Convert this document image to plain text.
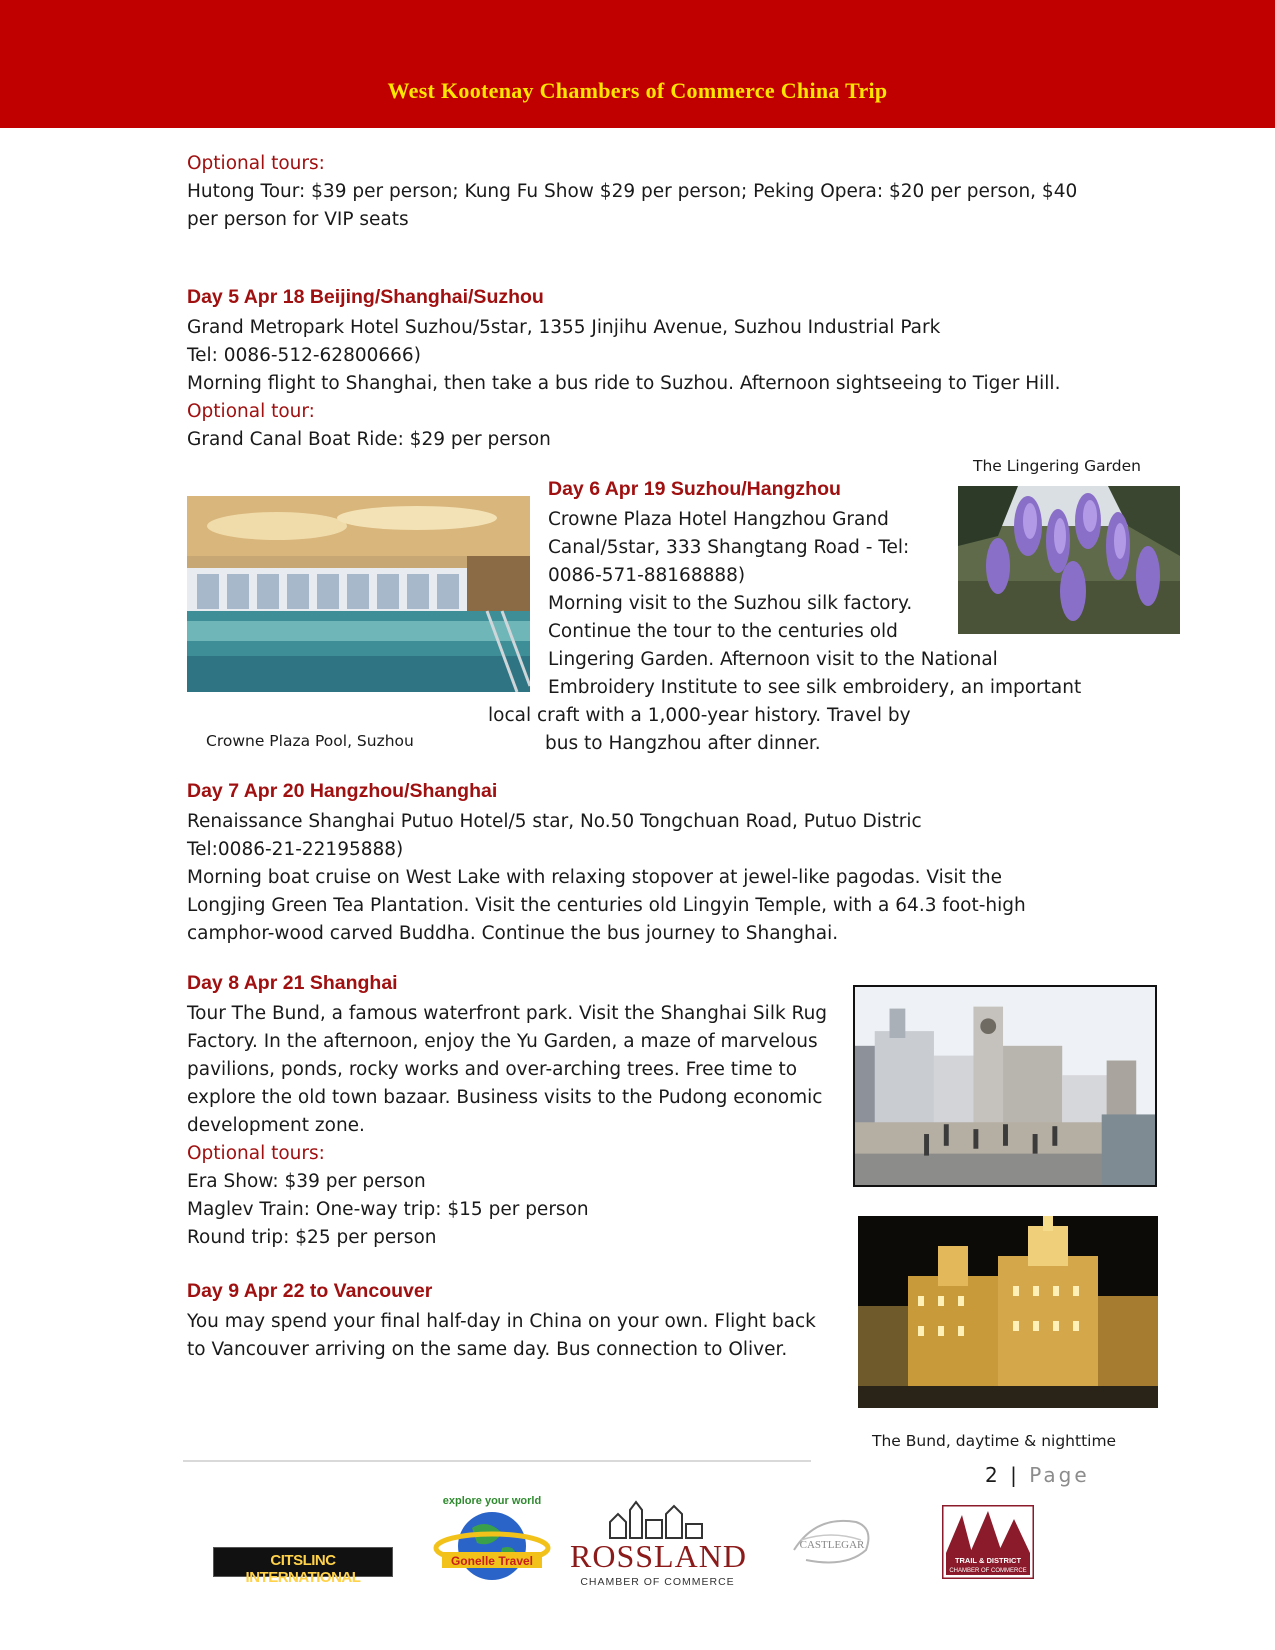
West Kootenay Chambers of Commerce China Trip
Optional tours:
Hutong Tour: $39 per person; Kung Fu Show $29 per person; Peking Opera: $20 per person, $40
per person for VIP seats
Day 5 Apr 18 Beijing/Shanghai/Suzhou
Grand Metropark Hotel Suzhou/5star, 1355 Jinjihu Avenue, Suzhou Industrial Park
Tel: 0086-512-62800666)
Morning flight to Shanghai, then take a bus ride to Suzhou. Afternoon sightseeing to Tiger Hill.
Optional tour:
Grand Canal Boat Ride: $29 per person
The Lingering Garden
Day 6 Apr 19 Suzhou/Hangzhou
Crowne Plaza Hotel Hangzhou Grand
Canal/5star, 333 Shangtang Road - Tel:
0086-571-88168888)
Morning visit to the Suzhou silk factory.
Continue the tour to the centuries old
Lingering Garden. Afternoon visit to the National
Embroidery Institute to see silk embroidery, an important
local craft with a 1,000-year history. Travel by
Crowne Plaza Pool, Suzhou	bus to Hangzhou after dinner.
Day 7 Apr 20 Hangzhou/Shanghai
Renaissance Shanghai Putuo Hotel/5 star, No.50 Tongchuan Road, Putuo Distric
Tel:0086-21-22195888)
Morning boat cruise on West Lake with relaxing stopover at jewel-like pagodas. Visit the
Longjing Green Tea Plantation. Visit the centuries old Lingyin Temple, with a 64.3 foot-high
camphor-wood carved Buddha. Continue the bus journey to Shanghai.
Day 8 Apr 21 Shanghai
Tour The Bund, a famous waterfront park. Visit the Shanghai Silk Rug
Factory. In the afternoon, enjoy the Yu Garden, a maze of marvelous
pavilions, ponds, rocky works and over-arching trees. Free time to
explore the old town bazaar. Business visits to the Pudong economic
development zone.
Optional tours:
Era Show: $39 per person
Maglev Train: One-way trip: $15 per person
Round trip: $25 per person
Day 9 Apr 22 to Vancouver
You may spend your final half-day in China on your own. Flight back
to Vancouver arriving on the same day. Bus connection to Oliver.
The Bund, daytime & nighttime
2 | Page
CITSLINC INTERNATIONAL
Gonelle Travel
explore your world
ROSSLAND
CHAMBER OF COMMERCE
CASTLEGAR
TRAIL & DISTRICT
CHAMBER OF COMMERCE
